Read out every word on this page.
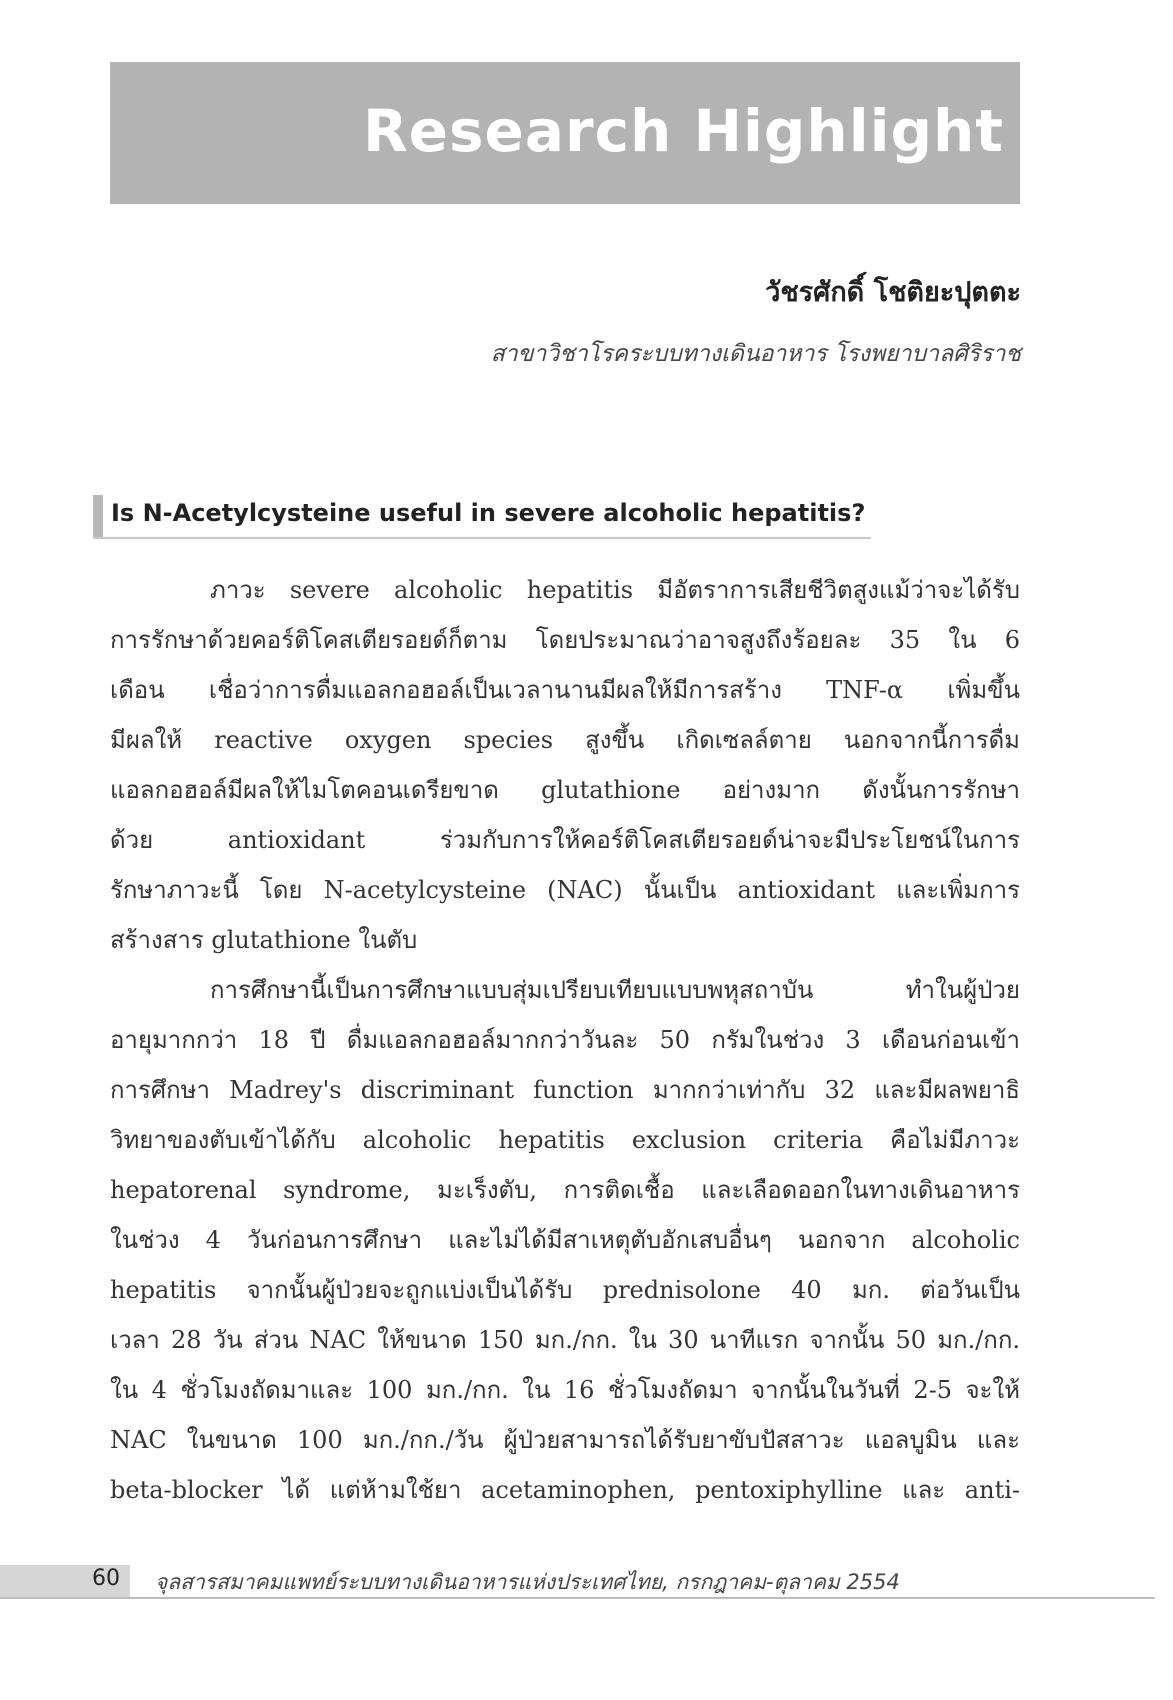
Research Highlight

วัชรศักดิ์ โชติยะปุตตะ

สาขาวิชาโรคระบบทางเดินอาหาร โรงพยาบาลศิริราช

Is N-Acetylcysteine useful in severe alcoholic hepatitis?
ภาวะ severe alcoholic hepatitis มีอัตราการเสียชีวิตสูงแม้ว่าจะได้รับ
การรักษาด้วยคอร์ติโคสเตียรอยด์ก็ตาม โดยประมาณว่าอาจสูงถึงร้อยละ 35 ใน 6
เดือน เชื่อว่าการดื่มแอลกอฮอล์เป็นเวลานานมีผลให้มีการสร้าง TNF-α เพิ่มขึ้น
มีผลให้ reactive oxygen species สูงขึ้น เกิดเซลล์ตาย นอกจากนี้การดื่ม
แอลกอฮอล์มีผลให้ไมโตคอนเดรียขาด glutathione อย่างมาก ดังนั้นการรักษา
ด้วย antioxidant ร่วมกับการให้คอร์ติโคสเตียรอยด์น่าจะมีประโยชน์ในการ
รักษาภาวะนี้ โดย N-acetylcysteine (NAC) นั้นเป็น antioxidant และเพิ่มการ
สร้างสาร glutathione ในตับ
การศึกษานี้เป็นการศึกษาแบบสุ่มเปรียบเทียบแบบพหุสถาบัน ทำในผู้ป่วย
อายุมากกว่า 18 ปี ดื่มแอลกอฮอล์มากกว่าวันละ 50 กรัมในช่วง 3 เดือนก่อนเข้า
การศึกษา Madrey's discriminant function มากกว่าเท่ากับ 32 และมีผลพยาธิ
วิทยาของตับเข้าได้กับ alcoholic hepatitis exclusion criteria คือไม่มีภาวะ
hepatorenal syndrome, มะเร็งตับ, การติดเชื้อ และเลือดออกในทางเดินอาหาร
ในช่วง 4 วันก่อนการศึกษา และไม่ได้มีสาเหตุตับอักเสบอื่นๆ นอกจาก alcoholic
hepatitis จากนั้นผู้ป่วยจะถูกแบ่งเป็นได้รับ prednisolone 40 มก. ต่อวันเป็น
เวลา 28 วัน ส่วน NAC ให้ขนาด 150 มก./กก. ใน 30 นาทีแรก จากนั้น 50 มก./กก.
ใน 4 ชั่วโมงถัดมาและ 100 มก./กก. ใน 16 ชั่วโมงถัดมา จากนั้นในวันที่ 2-5 จะให้
NAC ในขนาด 100 มก./กก./วัน ผู้ป่วยสามารถได้รับยาขับปัสสาวะ แอลบูมิน และ
beta-blocker ได้ แต่ห้ามใช้ยา acetaminophen, pentoxiphylline และ anti-

60 จุลสารสมาคมแพทย์ระบบทางเดินอาหารแห่งประเทศไทย, กรกฎาคม-ตุลาคม 2554
